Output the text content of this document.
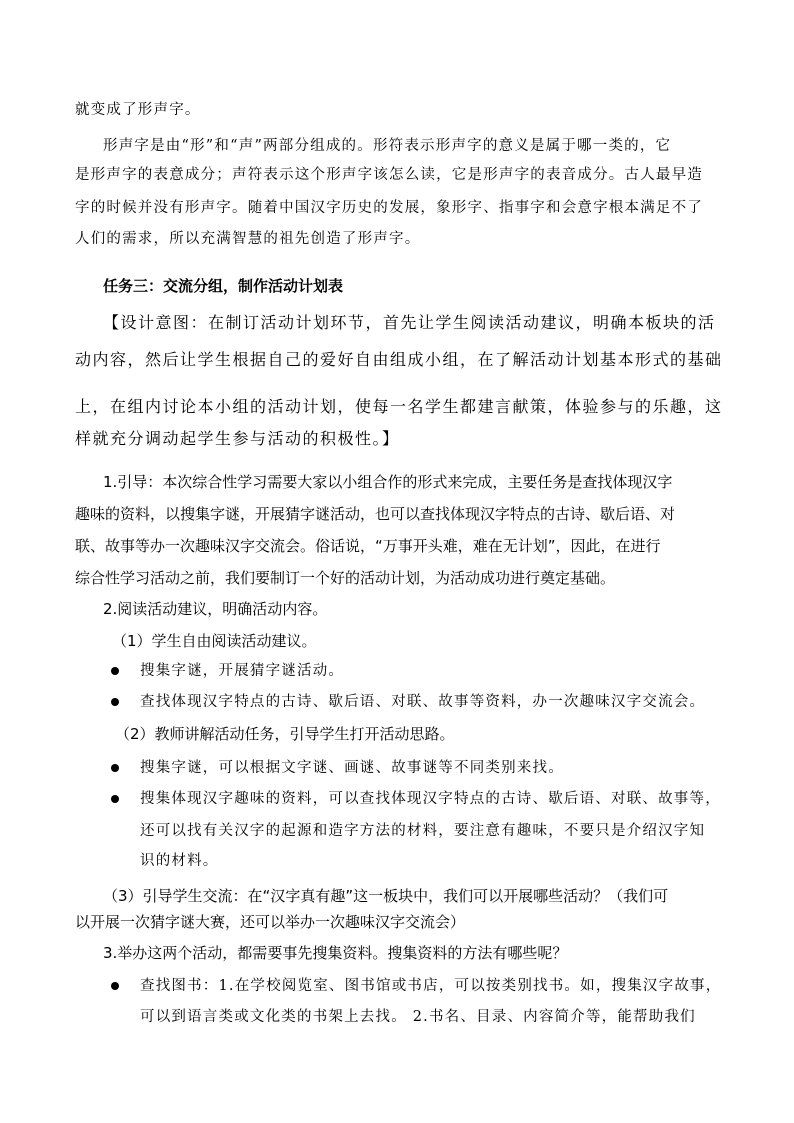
就变成了形声字。
形声字是由“形”和“声”两部分组成的。形符表示形声字的意义是属于哪一类的，它
是形声字的表意成分；声符表示这个形声字该怎么读，它是形声字的表音成分。古人最早造
字的时候并没有形声字。随着中国汉字历史的发展，象形字、指事字和会意字根本满足不了
人们的需求，所以充满智慧的祖先创造了形声字。
任务三：交流分组，制作活动计划表
【设计意图：在制订活动计划环节，首先让学生阅读活动建议，明确本板块的活
动内容，然后让学生根据自己的爱好自由组成小组，在了解活动计划基本形式的基础
上，在组内讨论本小组的活动计划，使每一名学生都建言献策，体验参与的乐趣，这
样就充分调动起学生参与活动的积极性。】
1.引导：本次综合性学习需要大家以小组合作的形式来完成，主要任务是查找体现汉字
趣味的资料，以搜集字谜，开展猜字谜活动，也可以查找体现汉字特点的古诗、歇后语、对
联、故事等办一次趣味汉字交流会。俗话说，“万事开头难，难在无计划”，因此，在进行
综合性学习活动之前，我们要制订一个好的活动计划，为活动成功进行奠定基础。
2.阅读活动建议，明确活动内容。
（1）学生自由阅读活动建议。
搜集字谜，开展猜字谜活动。
查找体现汉字特点的古诗、歇后语、对联、故事等资料，办一次趣味汉字交流会。
（2）教师讲解活动任务，引导学生打开活动思路。
搜集字谜，可以根据文字谜、画谜、故事谜等不同类别来找。
搜集体现汉字趣味的资料，可以查找体现汉字特点的古诗、歇后语、对联、故事等，
还可以找有关汉字的起源和造字方法的材料，要注意有趣味，不要只是介绍汉字知
识的材料。
（3）引导学生交流：在“汉字真有趣”这一板块中，我们可以开展哪些活动？（我们可
以开展一次猜字谜大赛，还可以举办一次趣味汉字交流会）
3.举办这两个活动，都需要事先搜集资料。搜集资料的方法有哪些呢？
查找图书：1.在学校阅览室、图书馆或书店，可以按类别找书。如，搜集汉字故事，
可以到语言类或文化类的书架上去找。 2.书名、目录、内容简介等，能帮助我们
